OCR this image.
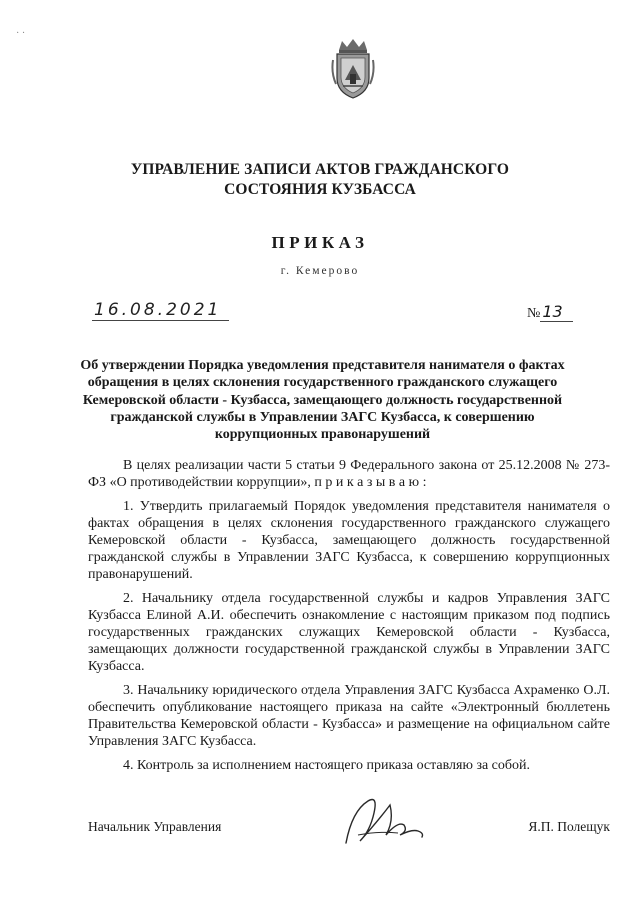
· ·
УПРАВЛЕНИЕ ЗАПИСИ АКТОВ ГРАЖДАНСКОГО СОСТОЯНИЯ КУЗБАССА
ПРИКАЗ
г. Кемерово
16.08.2021	№ 13
Об утверждении Порядка уведомления представителя нанимателя о фактах обращения в целях склонения государственного гражданского служащего Кемеровской области - Кузбасса, замещающего должность государственной гражданской службы в Управлении ЗАГС Кузбасса, к совершению коррупционных правонарушений

В целях реализации части 5 статьи 9 Федерального закона от 25.12.2008 № 273-ФЗ «О противодействии коррупции», п р и к а з ы в а ю :

1. Утвердить прилагаемый Порядок уведомления представителя нанимателя о фактах обращения в целях склонения государственного гражданского служащего Кемеровской области - Кузбасса, замещающего должность государственной гражданской службы в Управлении ЗАГС Кузбасса, к совершению коррупционных правонарушений.

2. Начальнику отдела государственной службы и кадров Управления ЗАГС Кузбасса Елиной А.И. обеспечить ознакомление с настоящим приказом под подпись государственных гражданских служащих Кемеровской области - Кузбасса, замещающих должности государственной гражданской службы в Управлении ЗАГС Кузбасса.

3. Начальнику юридического отдела Управления ЗАГС Кузбасса Ахраменко О.Л. обеспечить опубликование настоящего приказа на сайте «Электронный бюллетень Правительства Кемеровской области - Кузбасса» и размещение на официальном сайте Управления ЗАГС Кузбасса.

4. Контроль за исполнением настоящего приказа оставляю за собой.

Начальник Управления	Я.П. Полещук
